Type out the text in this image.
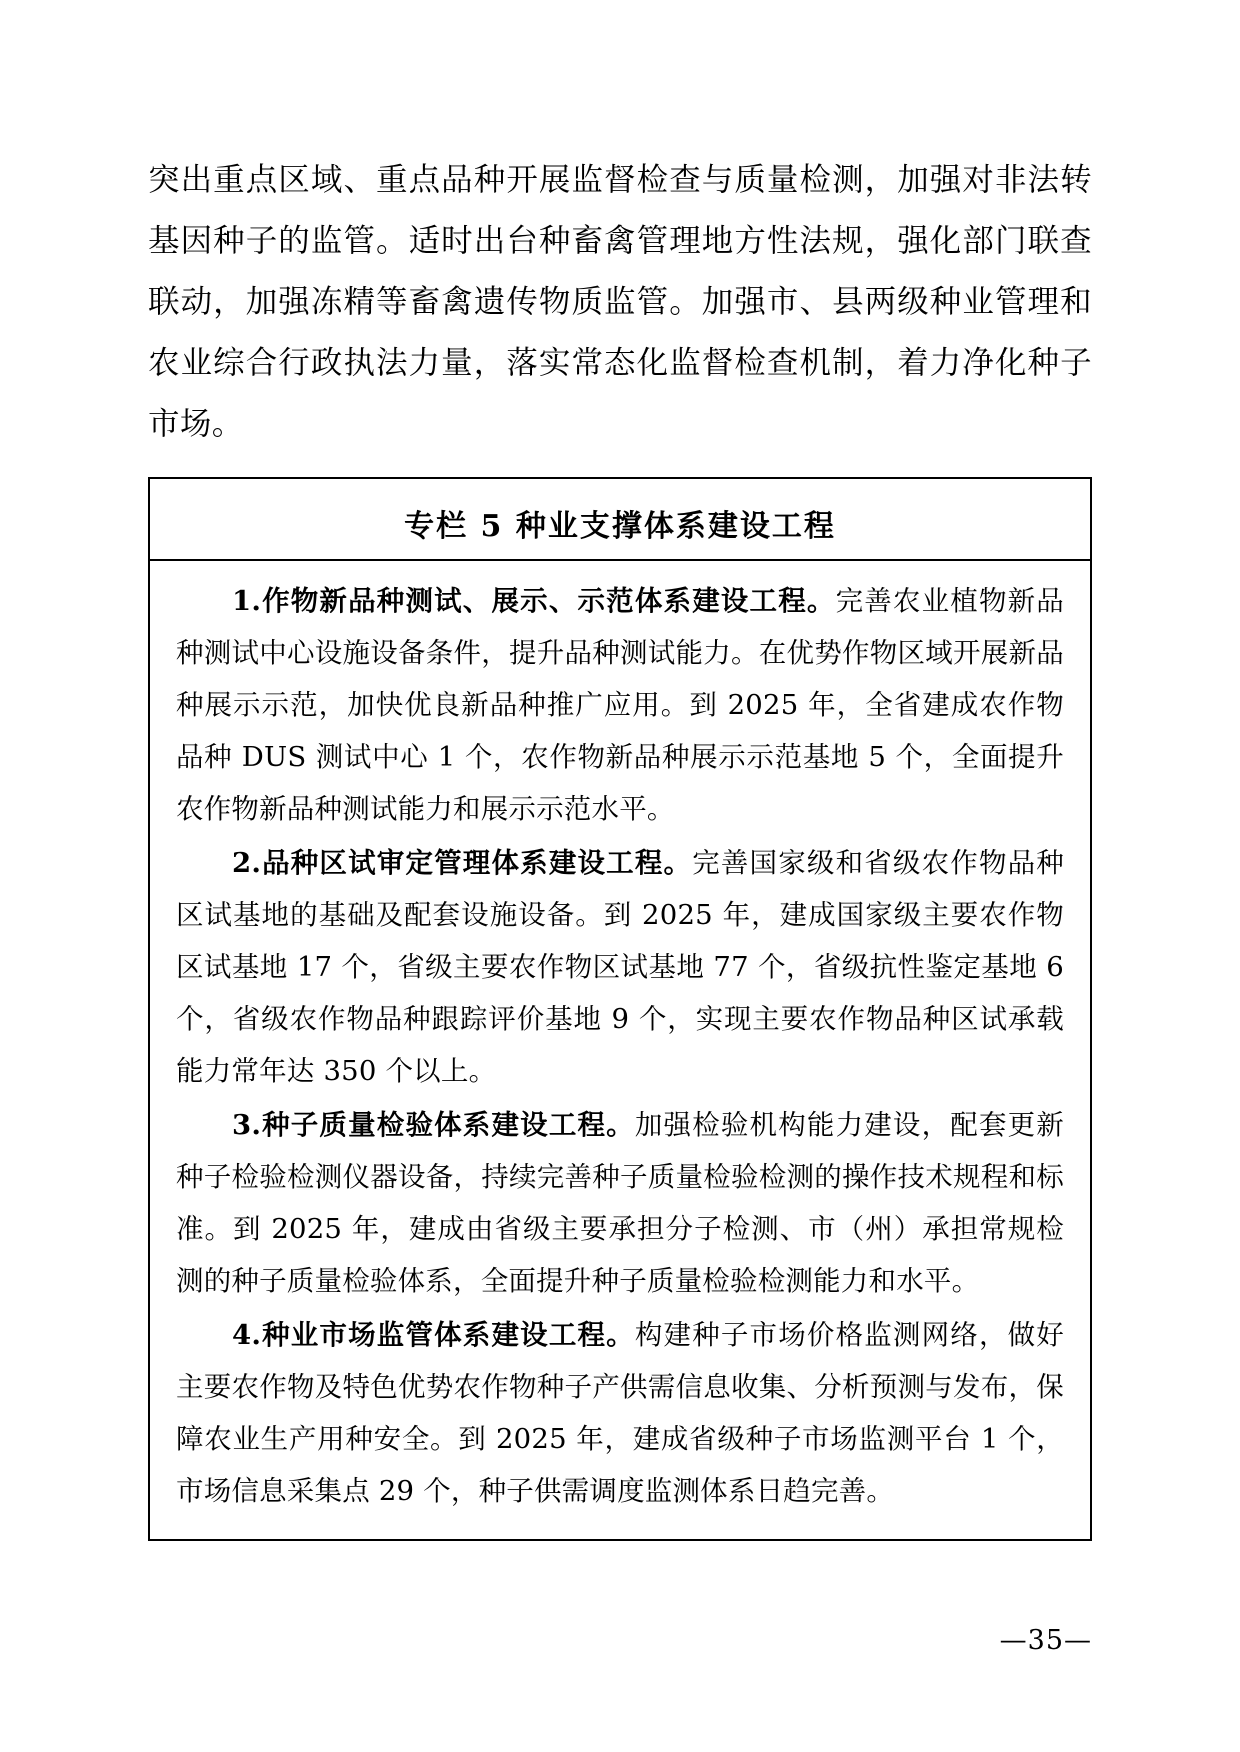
突出重点区域、重点品种开展监督检查与质量检测，加强对非法转基因种子的监管。适时出台种畜禽管理地方性法规，强化部门联查联动，加强冻精等畜禽遗传物质监管。加强市、县两级种业管理和农业综合行政执法力量，落实常态化监督检查机制，着力净化种子市场。

专栏 5 种业支撑体系建设工程

1.作物新品种测试、展示、示范体系建设工程。完善农业植物新品种测试中心设施设备条件，提升品种测试能力。在优势作物区域开展新品种展示示范，加快优良新品种推广应用。到 2025 年，全省建成农作物品种 DUS 测试中心 1 个，农作物新品种展示示范基地 5 个，全面提升农作物新品种测试能力和展示示范水平。

2.品种区试审定管理体系建设工程。完善国家级和省级农作物品种区试基地的基础及配套设施设备。到 2025 年，建成国家级主要农作物区试基地 17 个，省级主要农作物区试基地 77 个，省级抗性鉴定基地 6 个，省级农作物品种跟踪评价基地 9 个，实现主要农作物品种区试承载能力常年达 350 个以上。

3.种子质量检验体系建设工程。加强检验机构能力建设，配套更新种子检验检测仪器设备，持续完善种子质量检验检测的操作技术规程和标准。到 2025 年，建成由省级主要承担分子检测、市（州）承担常规检测的种子质量检验体系，全面提升种子质量检验检测能力和水平。

4.种业市场监管体系建设工程。构建种子市场价格监测网络，做好主要农作物及特色优势农作物种子产供需信息收集、分析预测与发布，保障农业生产用种安全。到 2025 年，建成省级种子市场监测平台 1 个，市场信息采集点 29 个，种子供需调度监测体系日趋完善。

—35—
